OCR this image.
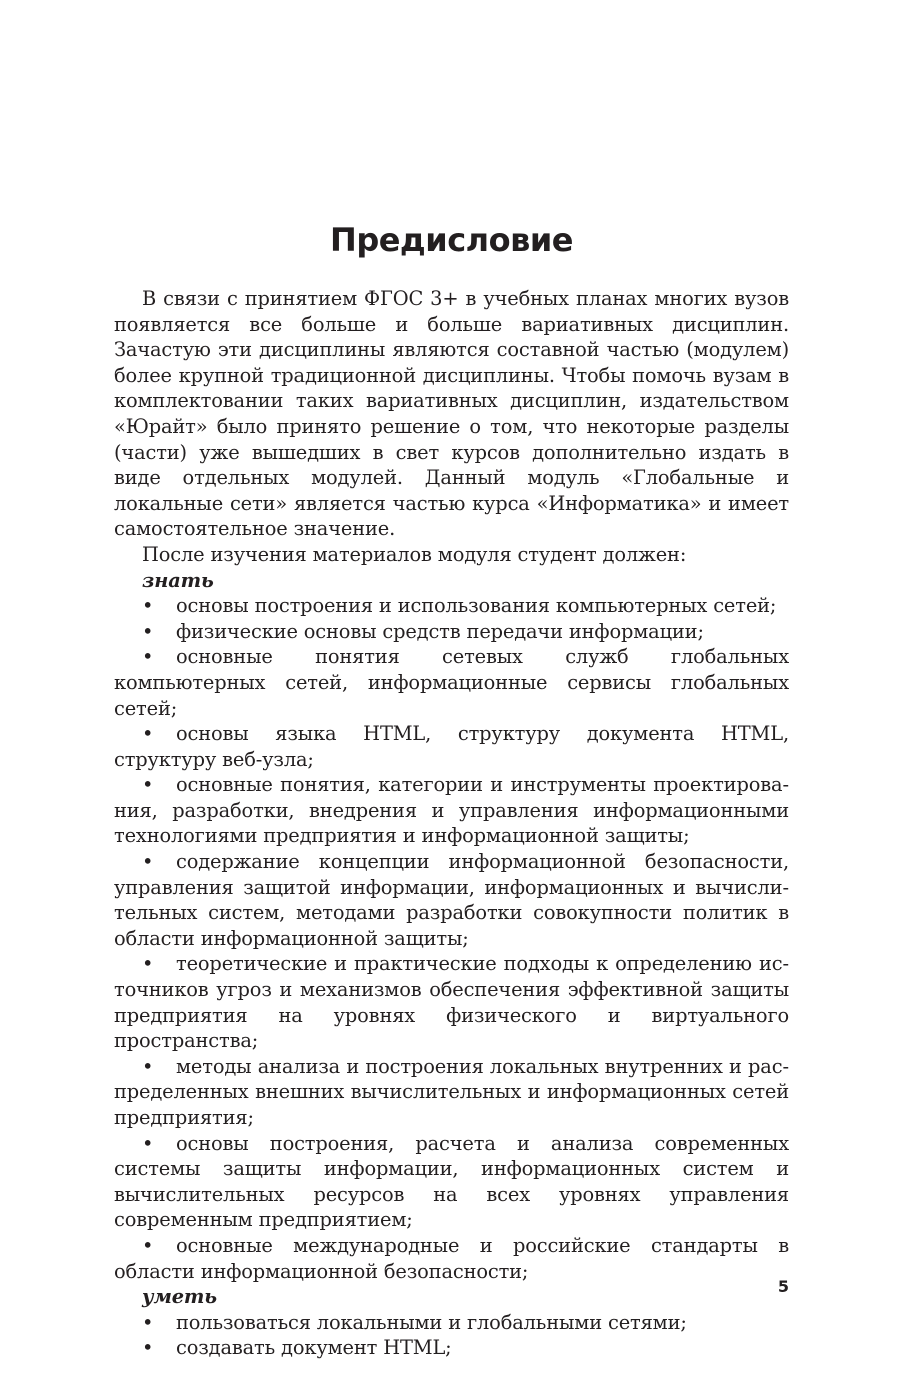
Предисловие

В связи с принятием ФГОС 3+ в учебных планах многих вузов появляется все больше и больше вариативных дисциплин. Зачастую эти дисциплины являются составной частью (модулем) более крупной традиционной дисциплины. Чтобы помочь вузам в комплектовании таких вариативных дисциплин, издательством «Юрайт» было принято решение о том, что некоторые разделы (части) уже вышедших в свет курсов дополнительно издать в виде отдельных модулей. Данный модуль «Глобальные и локальные сети» является частью курса «Информатика» и имеет самостоятельное значение.

После изучения материалов модуля студент должен:

знать

• основы построения и использования компьютерных сетей;

• физические основы средств передачи информации;

• основные понятия сетевых служб глобальных компьютерных сетей, информационные сервисы глобальных сетей;

• основы языка HTML, структуру документа HTML, структуру веб-узла;

• основные понятия, категории и инструменты проектирования, разработки, внедрения и управления информационными технологиями предприятия и информационной защиты;

• содержание концепции информационной безопасности, управления защитой информации, информационных и вычислительных систем, методами разработки совокупности политик в области информационной защиты;

• теоретические и практические подходы к определению источников угроз и механизмов обеспечения эффективной защиты предприятия на уровнях физического и виртуального пространства;

• методы анализа и построения локальных внутренних и распределенных внешних вычислительных и информационных сетей предприятия;

• основы построения, расчета и анализа современных системы защиты информации, информационных систем и вычислительных ресурсов на всех уровнях управления современным предприятием;

• основные международные и российские стандарты в области информационной безопасности;

уметь

• пользоваться локальными и глобальными сетями;

• создавать документ HTML;

5
